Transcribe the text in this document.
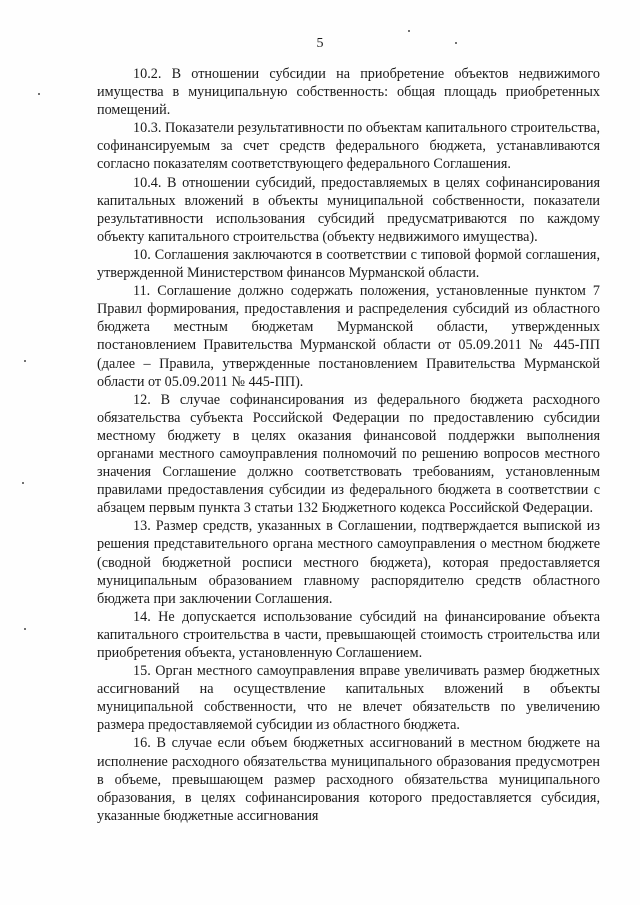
5

10.2. В отношении субсидии на приобретение объектов недвижимого имущества в муниципальную собственность: общая площадь приобретенных помещений.

10.3. Показатели результативности по объектам капитального строительства, софинансируемым за счет средств федерального бюджета, устанавливаются согласно показателям соответствующего федерального Соглашения.

10.4. В отношении субсидий, предоставляемых в целях софинансирования капитальных вложений в объекты муниципальной собственности, показатели результативности использования субсидий предусматриваются по каждому объекту капитального строительства (объекту недвижимого имущества).

10. Соглашения заключаются в соответствии с типовой формой соглашения, утвержденной Министерством финансов Мурманской области.

11. Соглашение должно содержать положения, установленные пунктом 7 Правил формирования, предоставления и распределения субсидий из областного бюджета местным бюджетам Мурманской области, утвержденных постановлением Правительства Мурманской области от 05.09.2011 № 445-ПП (далее – Правила, утвержденные постановлением Правительства Мурманской области от 05.09.2011 № 445-ПП).

12. В случае софинансирования из федерального бюджета расходного обязательства субъекта Российской Федерации по предоставлению субсидии местному бюджету в целях оказания финансовой поддержки выполнения органами местного самоуправления полномочий по решению вопросов местного значения Соглашение должно соответствовать требованиям, установленным правилами предоставления субсидии из федерального бюджета в соответствии с абзацем первым пункта 3 статьи 132 Бюджетного кодекса Российской Федерации.

13. Размер средств, указанных в Соглашении, подтверждается выпиской из решения представительного органа местного самоуправления о местном бюджете (сводной бюджетной росписи местного бюджета), которая предоставляется муниципальным образованием главному распорядителю средств областного бюджета при заключении Соглашения.

14. Не допускается использование субсидий на финансирование объекта капитального строительства в части, превышающей стоимость строительства или приобретения объекта, установленную Соглашением.

15. Орган местного самоуправления вправе увеличивать размер бюджетных ассигнований на осуществление капитальных вложений в объекты муниципальной собственности, что не влечет обязательств по увеличению размера предоставляемой субсидии из областного бюджета.

16. В случае если объем бюджетных ассигнований в местном бюджете на исполнение расходного обязательства муниципального образования предусмотрен в объеме, превышающем размер расходного обязательства муниципального образования, в целях софинансирования которого предоставляется субсидия, указанные бюджетные ассигнования
